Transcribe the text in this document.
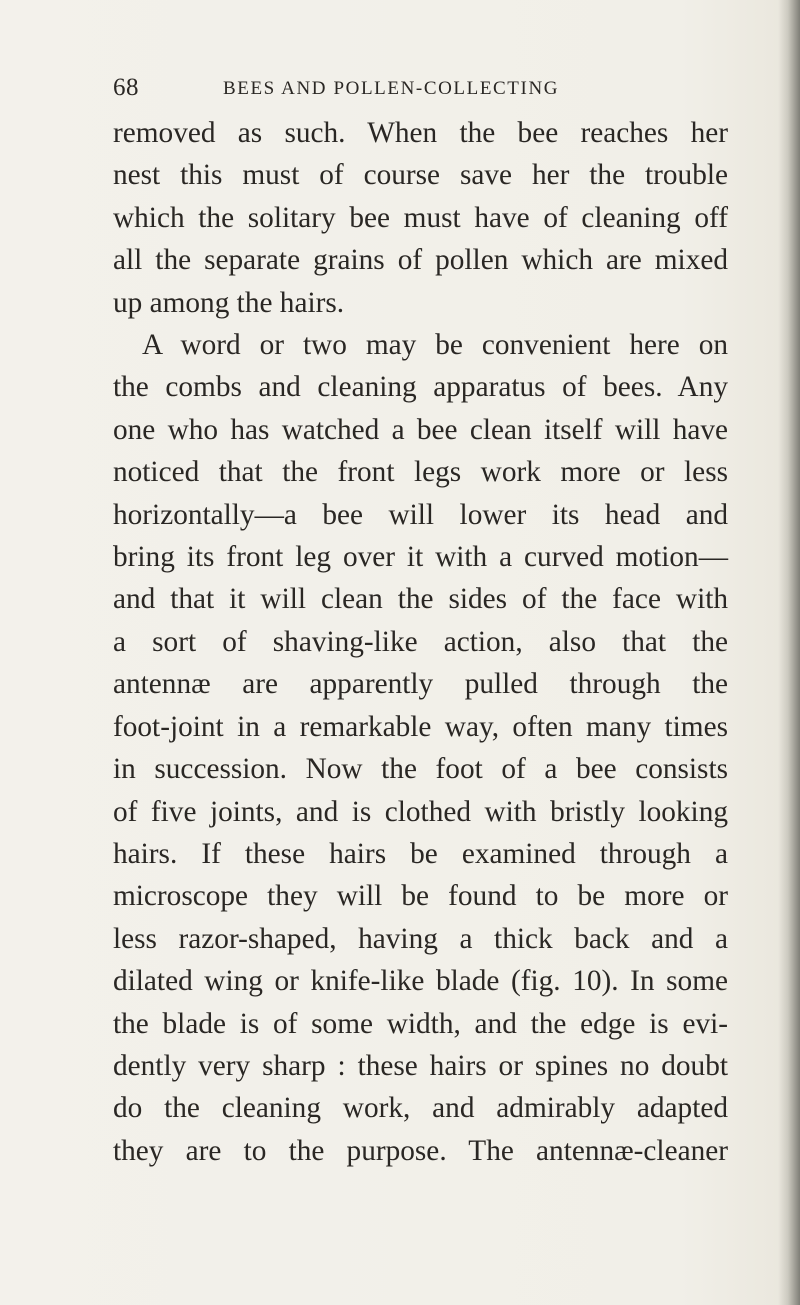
68	BEES AND POLLEN-COLLECTING
removed as such. When the bee reaches her
nest this must of course save her the trouble
which the solitary bee must have of cleaning off
all the separate grains of pollen which are mixed
up among the hairs.
A word or two may be convenient here on
the combs and cleaning apparatus of bees. Any
one who has watched a bee clean itself will have
noticed that the front legs work more or less
horizontally—a bee will lower its head and
bring its front leg over it with a curved motion—
and that it will clean the sides of the face with
a sort of shaving-like action, also that the
antennæ are apparently pulled through the
foot-joint in a remarkable way, often many times
in succession. Now the foot of a bee consists
of five joints, and is clothed with bristly looking
hairs. If these hairs be examined through a
microscope they will be found to be more or
less razor-shaped, having a thick back and a
dilated wing or knife-like blade (fig. 10). In some
the blade is of some width, and the edge is evi-
dently very sharp : these hairs or spines no doubt
do the cleaning work, and admirably adapted
they are to the purpose. The antennæ-cleaner
